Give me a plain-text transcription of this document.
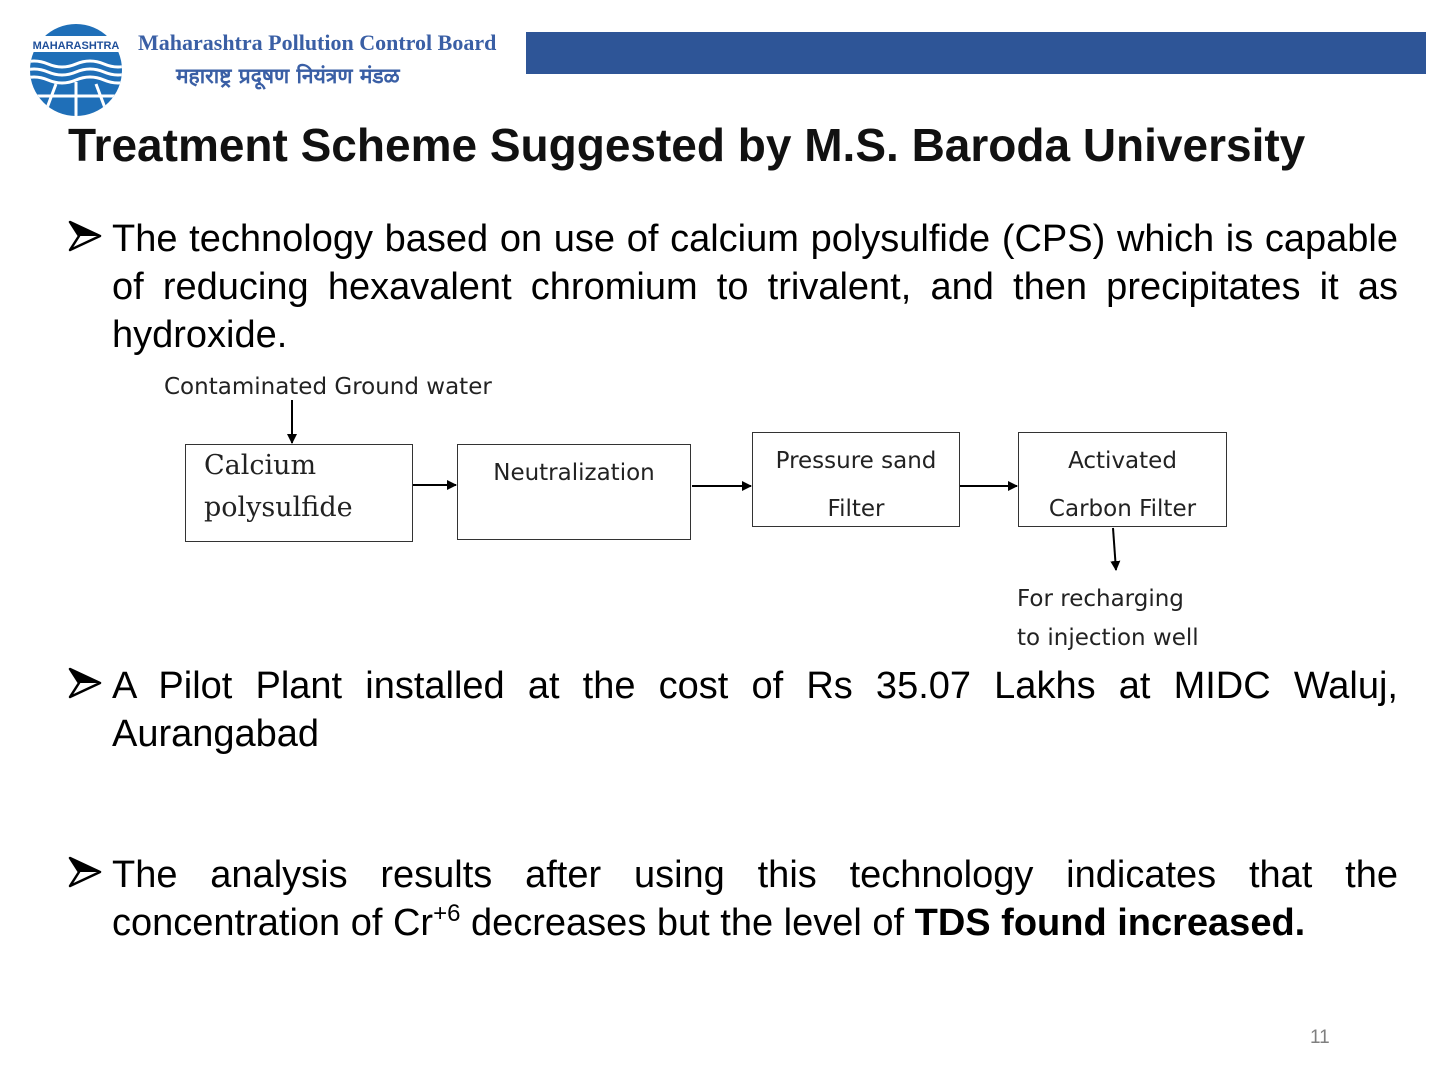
MAHARASHTRA Maharashtra Pollution Control Board
महाराष्ट्र प्रदूषण नियंत्रण मंडळ
Treatment Scheme Suggested by M.S. Baroda University
The technology based on use of calcium polysulfide (CPS) which is capable of reducing hexavalent chromium to trivalent, and then precipitates it as hydroxide.
Contaminated Ground water
Calcium
polysulfide
Neutralization	Pressure sand
Filter
Activated
Carbon Filter
For recharging
to injection well
A Pilot Plant installed at the cost of Rs 35.07 Lakhs at MIDC Waluj, Aurangabad
The analysis results after using this technology indicates that the concentration of $Cr^{+6}$ decreases but the level of TDS found increased.
11
